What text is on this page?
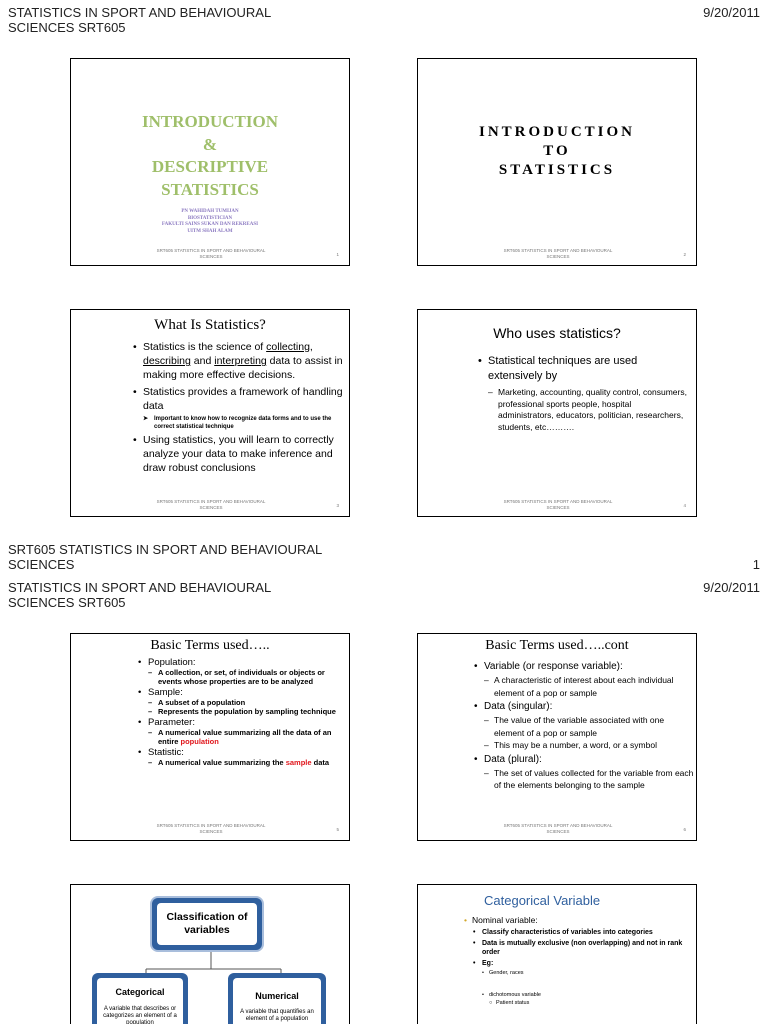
STATISTICS IN SPORT AND BEHAVIOURAL SCIENCES SRT605
9/20/2011
INTRODUCTION
&
DESCRIPTIVE
STATISTICS
PN WAHIDAH TUMIJAN
BIOSTATISTICIAN
FAKULTI SAINS SUKAN DAN REKREASI
UITM SHAH ALAM
SRT605 STATISTICS IN SPORT AND BEHAVIOURAL SCIENCES	1
INTRODUCTION
TO
STATISTICS
SRT605 STATISTICS IN SPORT AND BEHAVIOURAL SCIENCES	2
What Is Statistics?
• Statistics is the science of collecting, describing and interpreting data to assist in making more effective decisions.
• Statistics provides a framework of handling data
➤ Important to know how to recognize data forms and to use the correct statistical technique
• Using statistics, you will learn to correctly analyze your data to make inference and draw robust conclusions
SRT605 STATISTICS IN SPORT AND BEHAVIOURAL SCIENCES	3
Who uses statistics?
• Statistical techniques are used extensively by
– Marketing, accounting, quality control, consumers, professional sports people, hospital administrators, educators, politician, researchers, students, etc……….
SRT605 STATISTICS IN SPORT AND BEHAVIOURAL SCIENCES	4
SRT605 STATISTICS IN SPORT AND BEHAVIOURAL SCIENCES	1
STATISTICS IN SPORT AND BEHAVIOURAL SCIENCES SRT605
9/20/2011
Basic Terms used…..
• Population:
– A collection, or set, of individuals or objects or events whose properties are to be analyzed
• Sample:
– A subset of a population
– Represents the population by sampling technique
• Parameter:
– A numerical value summarizing all the data of an entire population
• Statistic:
– A numerical value summarizing the sample data
SRT605 STATISTICS IN SPORT AND BEHAVIOURAL SCIENCES	5
Basic Terms used…..cont
• Variable (or response variable):
– A characteristic of interest about each individual element of a pop or sample
• Data (singular):
– The value of the variable associated with one element of a pop or sample
– This may be a number, a word, or a symbol
• Data (plural):
– The set of values collected for the variable from each of the elements belonging to the sample
SRT605 STATISTICS IN SPORT AND BEHAVIOURAL SCIENCES	6
Classification of variables
Categorical
A variable that describes or categorizes an element of a population
Numerical
A variable that quantifies an element of a population
Categorical Variable
• Nominal variable:
• Classify characteristics of variables into categories
• Data is mutually exclusive (non overlapping) and not in rank order
• Eg:
• Gender, races
• dichotomous variable
○ Patient status
